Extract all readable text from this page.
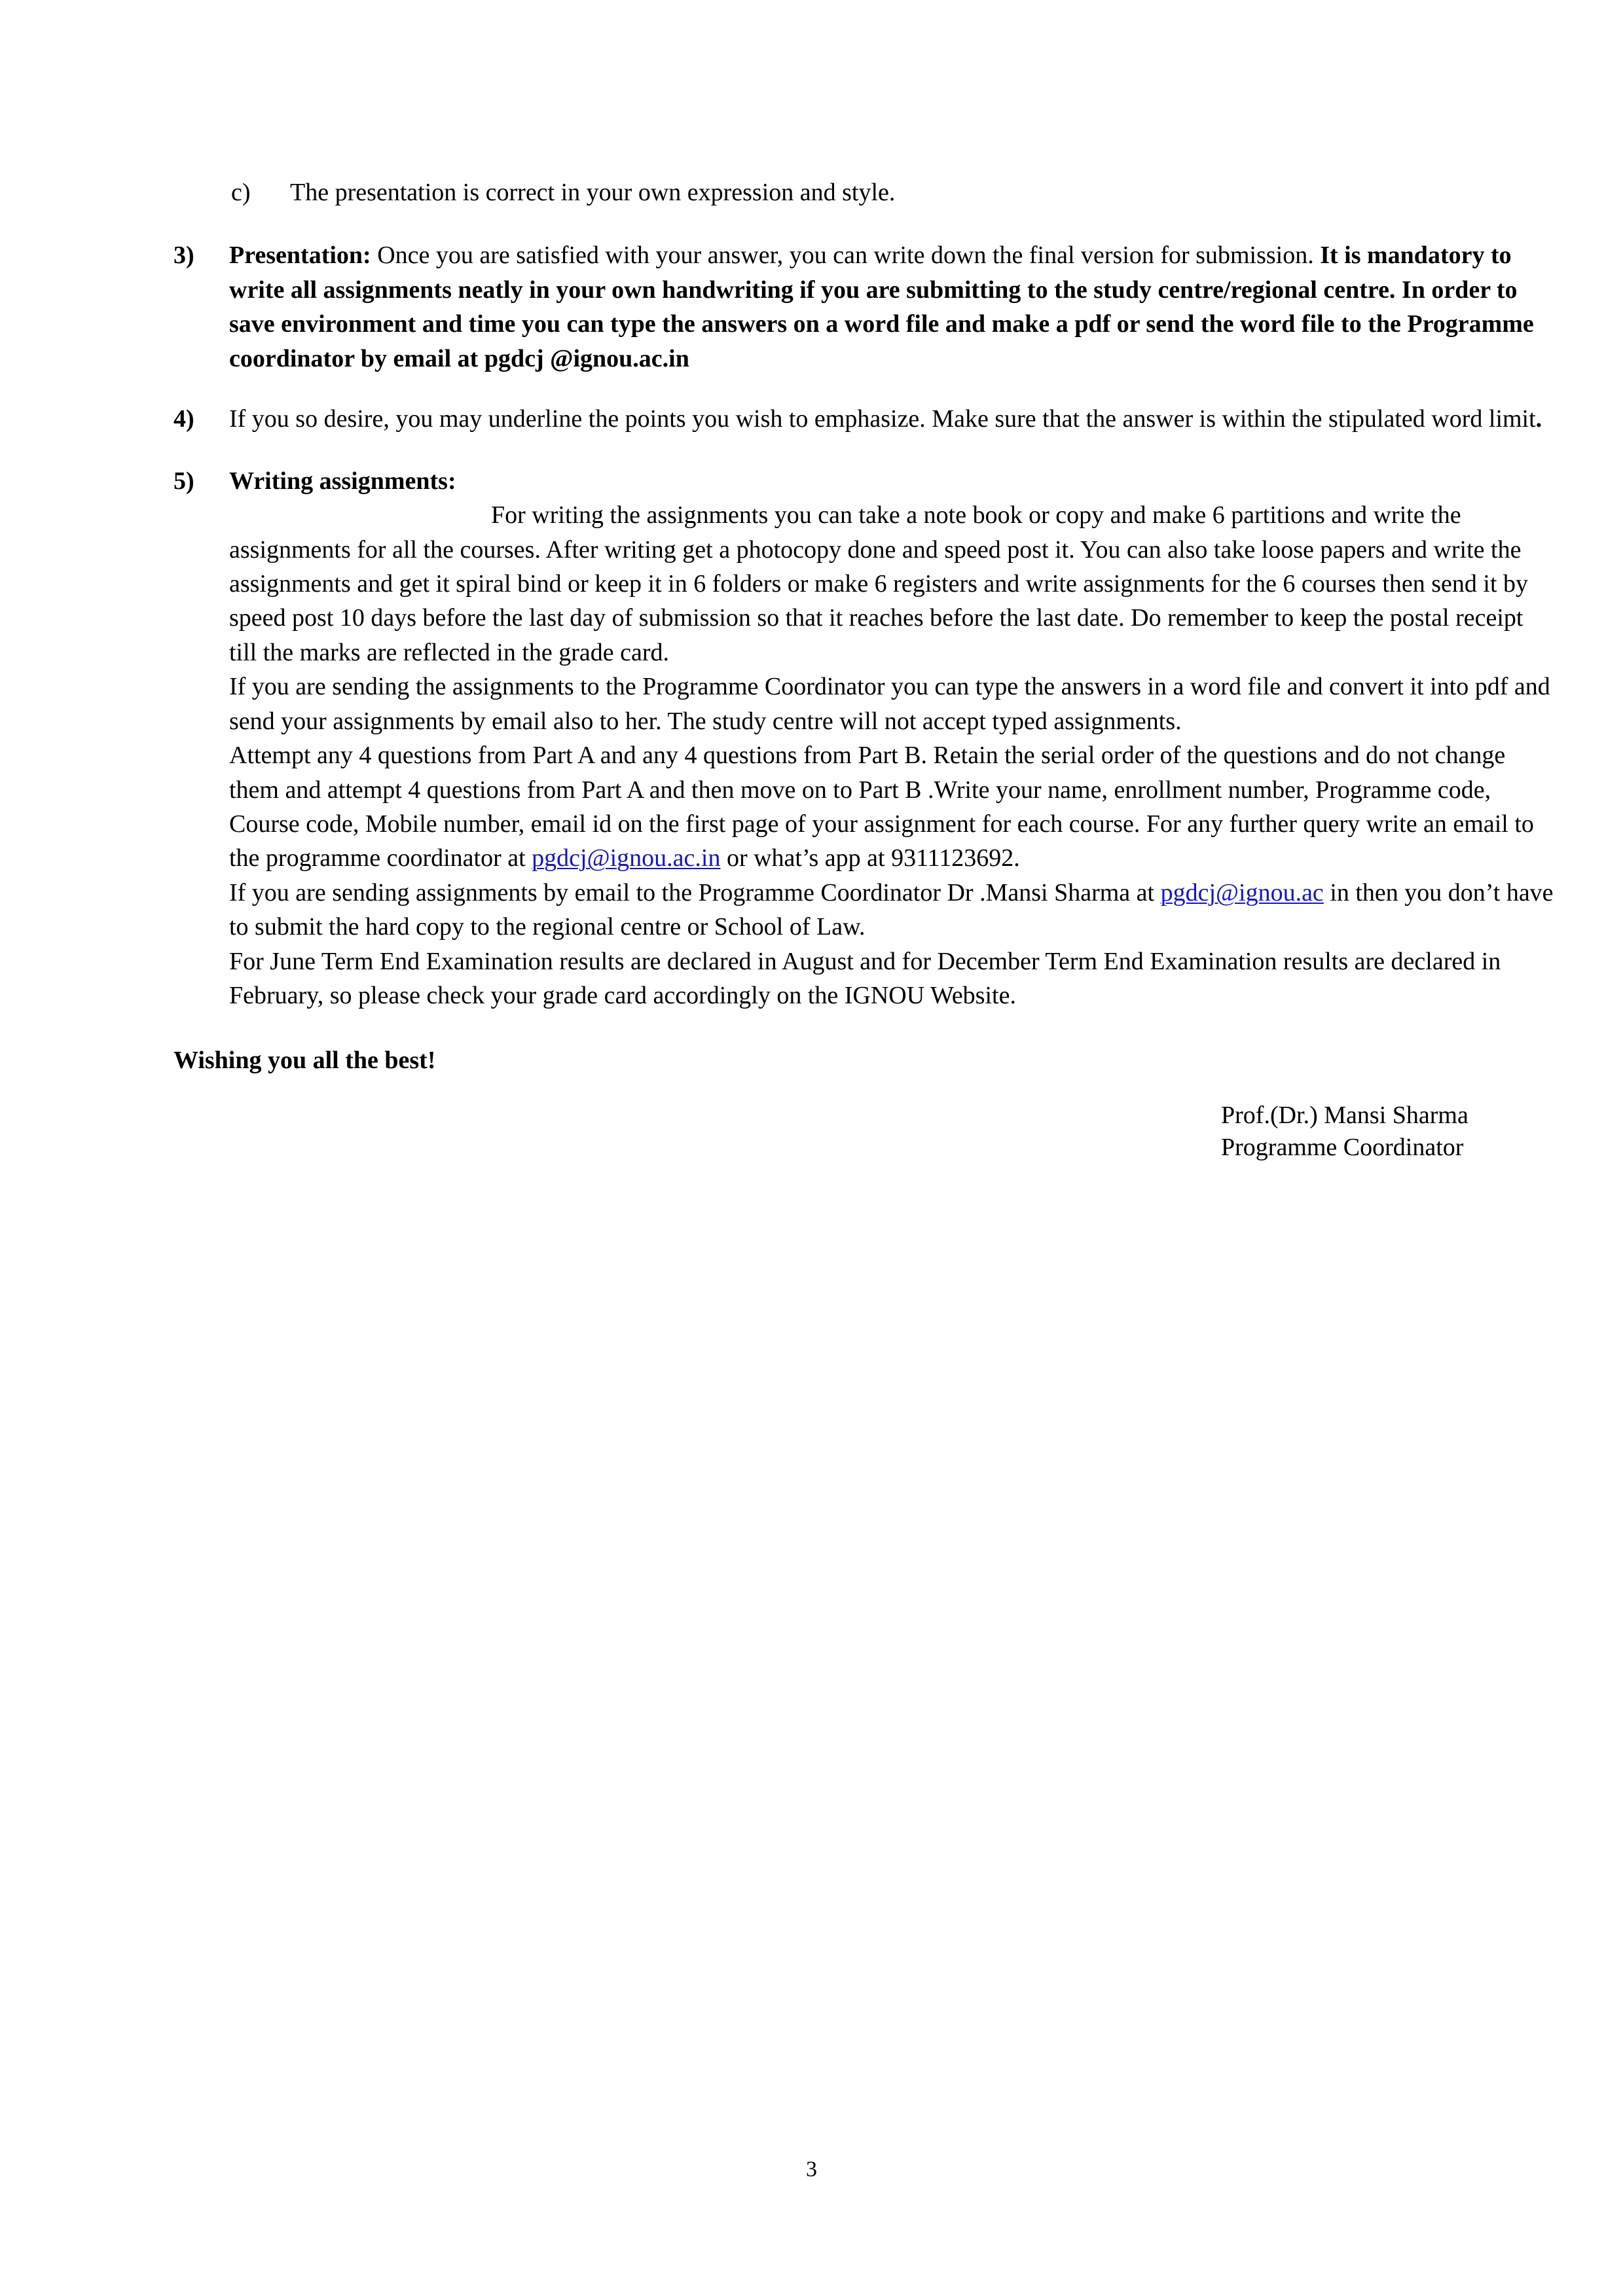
c)	The presentation is correct in your own expression and style.
3)	Presentation: Once you are satisfied with your answer, you can write down the final version for submission. It is mandatory to write all assignments neatly in your own handwriting if you are submitting to the study centre/regional centre. In order to save environment and time you can type the answers on a word file and make a pdf or send the word file to the Programme coordinator by email at pgdcj @ignou.ac.in
4)	If you so desire, you may underline the points you wish to emphasize. Make sure that the answer is within the stipulated word limit.
5)	Writing assignments:

For writing the assignments you can take a note book or copy and make 6 partitions and write the assignments for all the courses. After writing get a photocopy done and speed post it. You can also take loose papers and write the assignments and get it spiral bind or keep it in 6 folders or make 6 registers and write assignments for the 6 courses then send it by speed post 10 days before the last day of submission so that it reaches before the last date. Do remember to keep the postal receipt till the marks are reflected in the grade card.

If you are sending the assignments to the Programme Coordinator you can type the answers in a word file and convert it into pdf and send your assignments by email also to her. The study centre will not accept typed assignments.

Attempt any 4 questions from Part A and any 4 questions from Part B. Retain the serial order of the questions and do not change them and attempt 4 questions from Part A and then move on to Part B .Write your name, enrollment number, Programme code, Course code, Mobile number, email id on the first page of your assignment for each course. For any further query write an email to the programme coordinator at pgdcj@ignou.ac.in or what’s app at 9311123692.

If you are sending assignments by email to the Programme Coordinator Dr .Mansi Sharma at pgdcj@ignou.ac in then you don’t have to submit the hard copy to the regional centre or School of Law.

For June Term End Examination results are declared in August and for December Term End Examination results are declared in February, so please check your grade card accordingly on the IGNOU Website.

Wishing you all the best!
Prof.(Dr.) Mansi Sharma
Programme Coordinator
3
